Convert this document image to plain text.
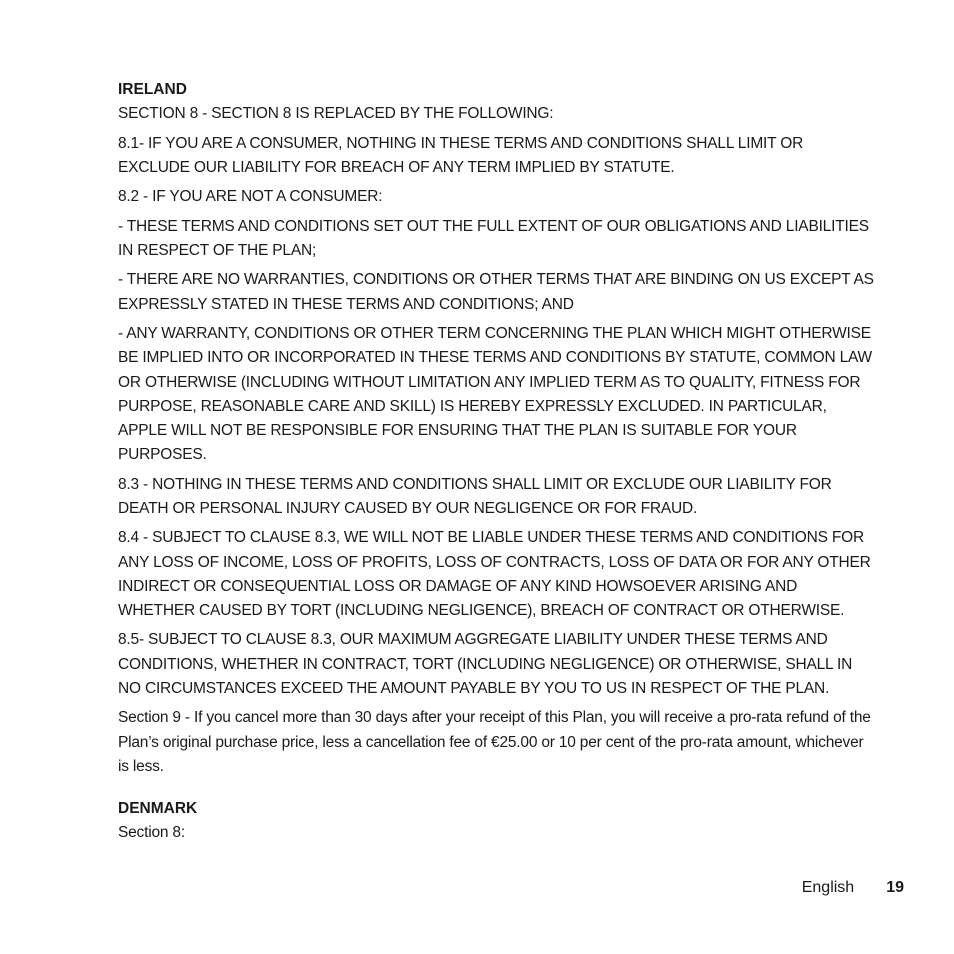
IRELAND

SECTION 8 - SECTION 8 IS REPLACED BY THE FOLLOWING:

8.1- IF YOU ARE A CONSUMER, NOTHING IN THESE TERMS AND CONDITIONS SHALL LIMIT OR EXCLUDE OUR LIABILITY FOR BREACH OF ANY TERM IMPLIED BY STATUTE.

8.2 - IF YOU ARE NOT A CONSUMER:

- THESE TERMS AND CONDITIONS SET OUT THE FULL EXTENT OF OUR OBLIGATIONS AND LIABILITIES IN RESPECT OF THE PLAN;

- THERE ARE NO WARRANTIES, CONDITIONS OR OTHER TERMS THAT ARE BINDING ON US EXCEPT AS EXPRESSLY STATED IN THESE TERMS AND CONDITIONS; AND

- ANY WARRANTY, CONDITIONS OR OTHER TERM CONCERNING THE PLAN WHICH MIGHT OTHERWISE BE IMPLIED INTO OR INCORPORATED IN THESE TERMS AND CONDITIONS BY STATUTE, COMMON LAW OR OTHERWISE (INCLUDING WITHOUT LIMITATION ANY IMPLIED TERM AS TO QUALITY, FITNESS FOR PURPOSE, REASONABLE CARE AND SKILL) IS HEREBY EXPRESSLY EXCLUDED. IN PARTICULAR, APPLE WILL NOT BE RESPONSIBLE FOR ENSURING THAT THE PLAN IS SUITABLE FOR YOUR PURPOSES.

8.3 - NOTHING IN THESE TERMS AND CONDITIONS SHALL LIMIT OR EXCLUDE OUR LIABILITY FOR DEATH OR PERSONAL INJURY CAUSED BY OUR NEGLIGENCE OR FOR FRAUD.

8.4 - SUBJECT TO CLAUSE 8.3, WE WILL NOT BE LIABLE UNDER THESE TERMS AND CONDITIONS FOR ANY LOSS OF INCOME, LOSS OF PROFITS, LOSS OF CONTRACTS, LOSS OF DATA OR FOR ANY OTHER INDIRECT OR CONSEQUENTIAL LOSS OR DAMAGE OF ANY KIND HOWSOEVER ARISING AND WHETHER CAUSED BY TORT (INCLUDING NEGLIGENCE), BREACH OF CONTRACT OR OTHERWISE.

8.5- SUBJECT TO CLAUSE 8.3, OUR MAXIMUM AGGREGATE LIABILITY UNDER THESE TERMS AND CONDITIONS, WHETHER IN CONTRACT, TORT (INCLUDING NEGLIGENCE) OR OTHERWISE, SHALL IN NO CIRCUMSTANCES EXCEED THE AMOUNT PAYABLE BY YOU TO US IN RESPECT OF THE PLAN.

Section 9 - If you cancel more than 30 days after your receipt of this Plan, you will receive a pro-rata refund of the Plan’s original purchase price, less a cancellation fee of €25.00 or 10 per cent of the pro-rata amount, whichever is less.

DENMARK

Section 8:

English 19
